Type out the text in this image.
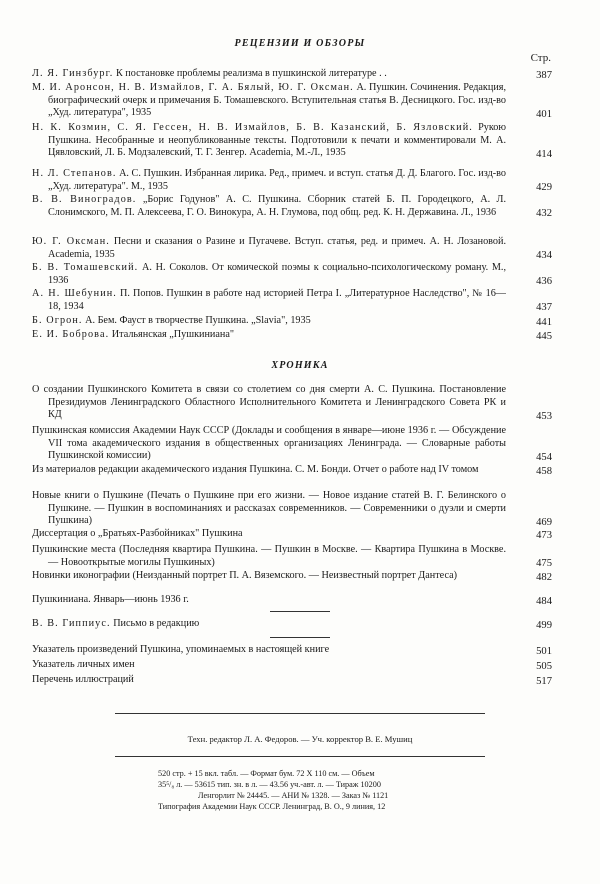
РЕЦЕНЗИИ И ОБЗОРЫ
Стр.
Л. Я. Гинзбург. К постановке проблемы реализма в пушкинской литературе . .	387
М. И. Аронсон, Н. В. Измайлов, Г. А. Бялый, Ю. Г. Оксман. А. Пушкин. Сочинения. Редакция, биографический очерк и примечания Б. Томашевского. Вступительная статья В. Десницкого. Гос. изд-во „Худ. литература", 1935	401
Н. К. Козмин, С. Я. Гессен, Н. В. Измайлов, Б. В. Казанский, Б. Язловский. Рукою Пушкина. Несобранные и неопубликованные тексты. Подготовили к печати и комментировали М. А. Цявловский, Л. Б. Модзалевский, Т. Г. Зенгер. Academia, М.-Л., 1935	414
Н. Л. Степанов. А. С. Пушкин. Избранная лирика. Ред., примеч. и вступ. статья Д. Д. Благого. Гос. изд-во „Худ. литература". М., 1935	429
В. В. Виноградов. „Борис Годунов" А. С. Пушкина. Сборник статей Б. П. Городецкого, А. Л. Слонимского, М. П. Алексеева, Г. О. Винокура, А. Н. Глумова, под общ. ред. К. Н. Державина. Л., 1936	432
Ю. Г. Оксман. Песни и сказания о Разине и Пугачеве. Вступ. статья, ред. и примеч. А. Н. Лозановой. Academia, 1935	434
Б. В. Томашевский. А. Н. Соколов. От комической поэмы к социально-психологическому роману. М., 1936	436
А. Н. Шебунин. П. Попов. Пушкин в работе над историей Петра I. „Литературное Наследство", № 16—18, 1934	437
Б. Огрон. А. Бем. Фауст в творчестве Пушкина. „Slavia", 1935	441
Е. И. Боброва. Итальянская „Пушкиниана"	445
ХРОНИКА
О создании Пушкинского Комитета в связи со столетием со дня смерти А. С. Пушкина. Постановление Президиумов Ленинградского Областного Исполнительного Комитета и Ленинградского Совета РК и КД	453
Пушкинская комиссия Академии Наук СССР (Доклады и сообщения в январе—июне 1936 г. — Обсуждение VII тома академического издания в общественных организациях Ленинграда. — Словарные работы Пушкинской комиссии)	454
Из материалов редакции академического издания Пушкина. С. М. Бонди. Отчет о работе над IV томом	458
Новые книги о Пушкине (Печать о Пушкине при его жизни. — Новое издание статей В. Г. Белинского о Пушкине. — Пушкин в воспоминаниях и рассказах современников. — Современники о дуэли и смерти Пушкина)	469
Диссертация о „Братьях-Разбойниках" Пушкина	473
Пушкинские места (Последняя квартира Пушкина. — Пушкин в Москве. — Квартира Пушкина в Москве. — Новооткрытые могилы Пушкиных)	475
Новинки иконографии (Неизданный портрет П. А. Вяземского. — Неизвестный портрет Дантеса)	482
Пушкиниана. Январь—июнь 1936 г.	484
В. В. Гиппиус. Письмо в редакцию	499
Указатель произведений Пушкина, упоминаемых в настоящей книге	501
Указатель личных имен	505
Перечень иллюстраций	517
Техн. редактор Л. А. Федоров. — Уч. корректор В. Е. Мушиц
520 стр. + 15 вкл. табл. — Формат бум. 72 X 110 см. — Объем
35⁵/₈ л. — 53615 тип. зн. в л. — 43.56 уч.-авт. л. — Тираж 10200
Ленгорлит № 24445. — АНИ № 1328. — Заказ № 1121
Типография Академии Наук СССР. Ленинград, В. О., 9 линия, 12
